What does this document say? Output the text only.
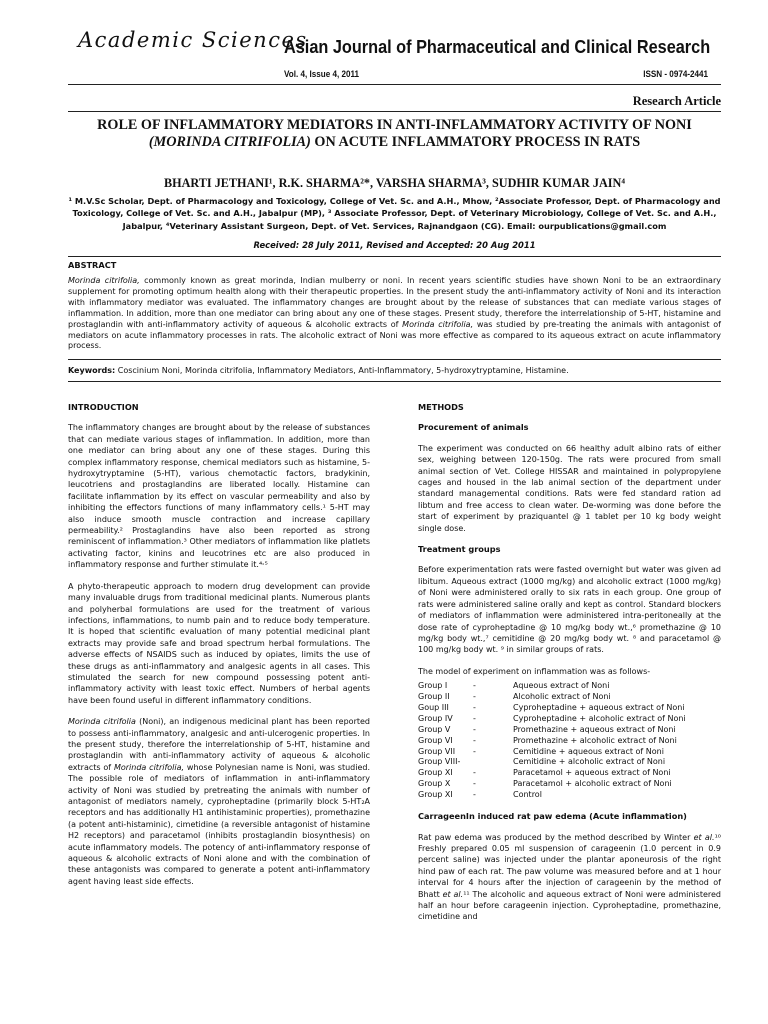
Academic Sciences
Asian Journal of Pharmaceutical and Clinical Research
Vol. 4, Issue 4, 2011	ISSN - 0974-2441
Research Article
ROLE OF INFLAMMATORY MEDIATORS IN ANTI-INFLAMMATORY ACTIVITY OF NONI
(MORINDA CITRIFOLIA) ON ACUTE INFLAMMATORY PROCESS IN RATS
BHARTI JETHANI¹, R.K. SHARMA²*, VARSHA SHARMA³, SUDHIR KUMAR JAIN⁴
¹ M.V.Sc Scholar, Dept. of Pharmacology and Toxicology, College of Vet. Sc. and A.H., Mhow, ²Associate Professor, Dept. of Pharmacology and Toxicology, College of Vet. Sc. and A.H., Jabalpur (MP), ³ Associate Professor, Dept. of Veterinary Microbiology, College of Vet. Sc. and A.H., Jabalpur, ⁴Veterinary Assistant Surgeon, Dept. of Vet. Services, Rajnandgaon (CG). Email: ourpublications@gmail.com
Received: 28 July 2011, Revised and Accepted: 20 Aug 2011
ABSTRACT
Morinda citrifolia, commonly known as great morinda, Indian mulberry or noni. In recent years scientific studies have shown Noni to be an extraordinary supplement for promoting optimum health along with their therapeutic properties. In the present study the anti-inflammatory activity of Noni and its interaction with inflammatory mediator was evaluated. The inflammatory changes are brought about by the release of substances that can mediate various stages of inflammation. In addition, more than one mediator can bring about any one of these stages. Present study, therefore the interrelationship of 5-HT, histamine and prostaglandin with anti-inflammatory activity of aqueous & alcoholic extracts of Morinda citrifolia, was studied by pre-treating the animals with antagonist of mediators on acute inflammatory processes in rats. The alcoholic extract of Noni was more effective as compared to its aqueous extract on acute inflammatory process.
Keywords: Coscinium Noni, Morinda citrifolia, Inflammatory Mediators, Anti-Inflammatory, 5-hydroxytryptamine, Histamine.
INTRODUCTION

The inflammatory changes are brought about by the release of substances that can mediate various stages of inflammation. In addition, more than one mediator can bring about any one of these stages. During this complex inflammatory response, chemical mediators such as histamine, 5-hydroxytryptamine (5-HT), various chemotactic factors, bradykinin, leucotriens and prostaglandins are liberated locally. Histamine can facilitate inflammation by its effect on vascular permeability and also by inhibiting the effectors functions of many inflammatory cells.¹ 5-HT may also induce smooth muscle contraction and increase capillary permeability.² Prostaglandins have also been reported as strong reminiscent of inflammation.³ Other mediators of inflammation like platlets activating factor, kinins and leucotrines etc are also produced in inflammatory response and further stimulate it.⁴˒⁵

A phyto-therapeutic approach to modern drug development can provide many invaluable drugs from traditional medicinal plants. Numerous plants and polyherbal formulations are used for the treatment of various infections, inflammations, to numb pain and to reduce body temperature. It is hoped that scientific evaluation of many potential medicinal plant extracts may provide safe and broad spectrum herbal formulations. The adverse effects of NSAIDS such as induced by opiates, limits the use of these drugs as anti-inflammatory and analgesic agents in all cases. This stimulated the search for new compound possessing potent anti-inflammatory activity with least toxic effect. Numbers of herbal agents have been found useful in different inflammatory conditions.

Morinda citrifolia (Noni), an indigenous medicinal plant has been reported to possess anti-inflammatory, analgesic and anti-ulcerogenic properties. In the present study, therefore the interrelationship of 5-HT, histamine and prostaglandin with anti-inflammatory activity of aqueous & alcoholic extracts of Morinda citrifolia, whose Polynesian name is Noni, was studied. The possible role of mediators of inflammation in anti-inflammatory activity of Noni was studied by pretreating the animals with number of antagonist of mediators namely, cyproheptadine (primarily block 5-HT₂A receptors and has additionally H1 antihistaminic properties), promethazine (a potent anti-histaminic), cimetidine (a reversible antagonist of histamine H2 receptors) and paracetamol (inhibits prostaglandin biosynthesis) on acute inflammatory models. The potency of anti-inflammatory response of aqueous & alcoholic extracts of Noni alone and with the combination of these antagonists was compared to generate a potent anti-inflammatory agent having least side effects.

METHODS
Procurement of animals

The experiment was conducted on 66 healthy adult albino rats of either sex, weighing between 120-150g. The rats were procured from small animal section of Vet. College HISSAR and maintained in polypropylene cages and housed in the lab animal section of the department under standard managemental conditions. Rats were fed standard ration ad libtum and free access to clean water. De-worming was done before the start of experiment by praziquantel @ 1 tablet per 10 kg body weight single dose.

Treatment groups

Before experimentation rats were fasted overnight but water was given ad libitum. Aqueous extract (1000 mg/kg) and alcoholic extract (1000 mg/kg) of Noni were administered orally to six rats in each group. One group of rats were administered saline orally and kept as control. Standard blockers of mediators of inflammation were administered intra-peritoneally at the dose rate of cyproheptadine @ 10 mg/kg body wt.,⁶ promethazine @ 10 mg/kg body wt.,⁷ cemitidine @ 20 mg/kg body wt. ⁸ and paracetamol @ 100 mg/kg body wt. ⁹ in similar groups of rats.

The model of experiment on inflammation was as follows-

Group I	-	Aqueous extract of Noni
Group II	-	Alcoholic extract of Noni
Goup III	-	Cyproheptadine + aqueous extract of Noni
Group IV	-	Cyproheptadine + alcoholic extract of Noni
Group V	-	Promethazine + aqueous extract of Noni
Group VI	-	Promethazine + alcoholic extract of Noni
Group VII	-	Cemitidine + aqueous extract of Noni
Group VIII-	Cemitidine + alcoholic extract of Noni
Group XI	-	Paracetamol + aqueous extract of Noni
Group X	-	Paracetamol + alcoholic extract of Noni
Group XI	-	Control
CarrageenIn induced rat paw edema (Acute inflammation)

Rat paw edema was produced by the method described by Winter et al.¹⁰ Freshly prepared 0.05 ml suspension of carageenin (1.0 percent in 0.9 percent saline) was injected under the plantar aponeurosis of the right hind paw of each rat. The paw volume was measured before and at 1 hour interval for 4 hours after the injection of carageenin by the method of Bhatt et al.¹¹ The alcoholic and aqueous extract of Noni were administered half an hour before carageenin injection. Cyproheptadine, promethazine, cimetidine and
